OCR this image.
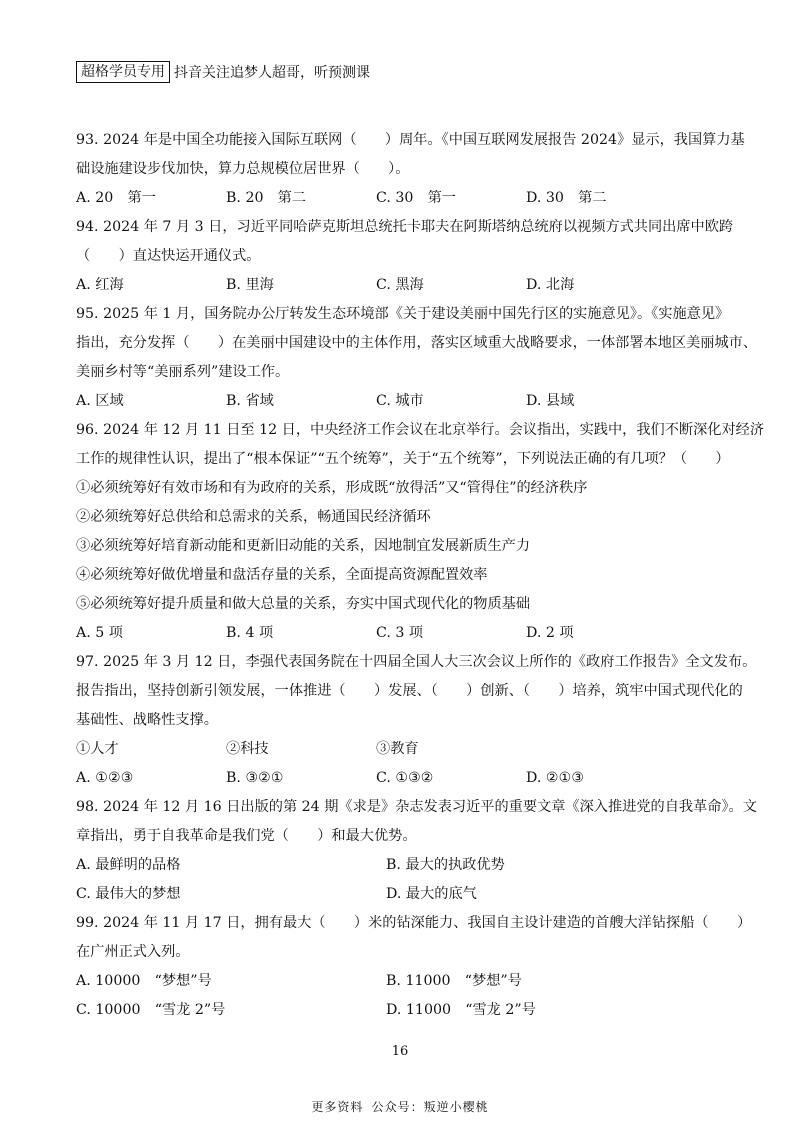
超格学员专用 抖音关注追梦人超哥，听预测课
93. 2024 年是中国全功能接入国际互联网（　　）周年。《中国互联网发展报告 2024》显示，我国算力基
础设施建设步伐加快，算力总规模位居世界（　　）。
A. 20　第一	B. 20　第二	C. 30　第一	D. 30　第二
94. 2024 年 7 月 3 日，习近平同哈萨克斯坦总统托卡耶夫在阿斯塔纳总统府以视频方式共同出席中欧跨
（　　）直达快运开通仪式。
A. 红海	B. 里海	C. 黑海	D. 北海
95. 2025 年 1 月，国务院办公厅转发生态环境部《关于建设美丽中国先行区的实施意见》。《实施意见》
指出，充分发挥（　　）在美丽中国建设中的主体作用，落实区域重大战略要求，一体部署本地区美丽城市、
美丽乡村等“美丽系列”建设工作。
A. 区域	B. 省域	C. 城市	D. 县域
96. 2024 年 12 月 11 日至 12 日，中央经济工作会议在北京举行。会议指出，实践中，我们不断深化对经济
工作的规律性认识，提出了“根本保证”“五个统筹”，关于“五个统筹”，下列说法正确的有几项？（　　）
①必须统筹好有效市场和有为政府的关系，形成既“放得活”又“管得住”的经济秩序
②必须统筹好总供给和总需求的关系，畅通国民经济循环
③必须统筹好培育新动能和更新旧动能的关系，因地制宜发展新质生产力
④必须统筹好做优增量和盘活存量的关系，全面提高资源配置效率
⑤必须统筹好提升质量和做大总量的关系，夯实中国式现代化的物质基础
A. 5 项	B. 4 项	C. 3 项	D. 2 项
97. 2025 年 3 月 12 日，李强代表国务院在十四届全国人大三次会议上所作的《政府工作报告》全文发布。
报告指出，坚持创新引领发展，一体推进（　　）发展、（　　）创新、（　　）培养，筑牢中国式现代化的
基础性、战略性支撑。
①人才	②科技	③教育
A. ①②③	B. ③②①	C. ①③②	D. ②①③
98. 2024 年 12 月 16 日出版的第 24 期《求是》杂志发表习近平的重要文章《深入推进党的自我革命》。文
章指出，勇于自我革命是我们党（　　）和最大优势。
A. 最鲜明的品格	B. 最大的执政优势
C. 最伟大的梦想	D. 最大的底气
99. 2024 年 11 月 17 日，拥有最大（　　）米的钻深能力、我国自主设计建造的首艘大洋钻探船（　　）
在广州正式入列。
A. 10000　“梦想”号	B. 11000　“梦想”号
C. 10000　“雪龙 2”号	D. 11000　“雪龙 2”号
16
更多资料 公众号：叛逆小樱桃
